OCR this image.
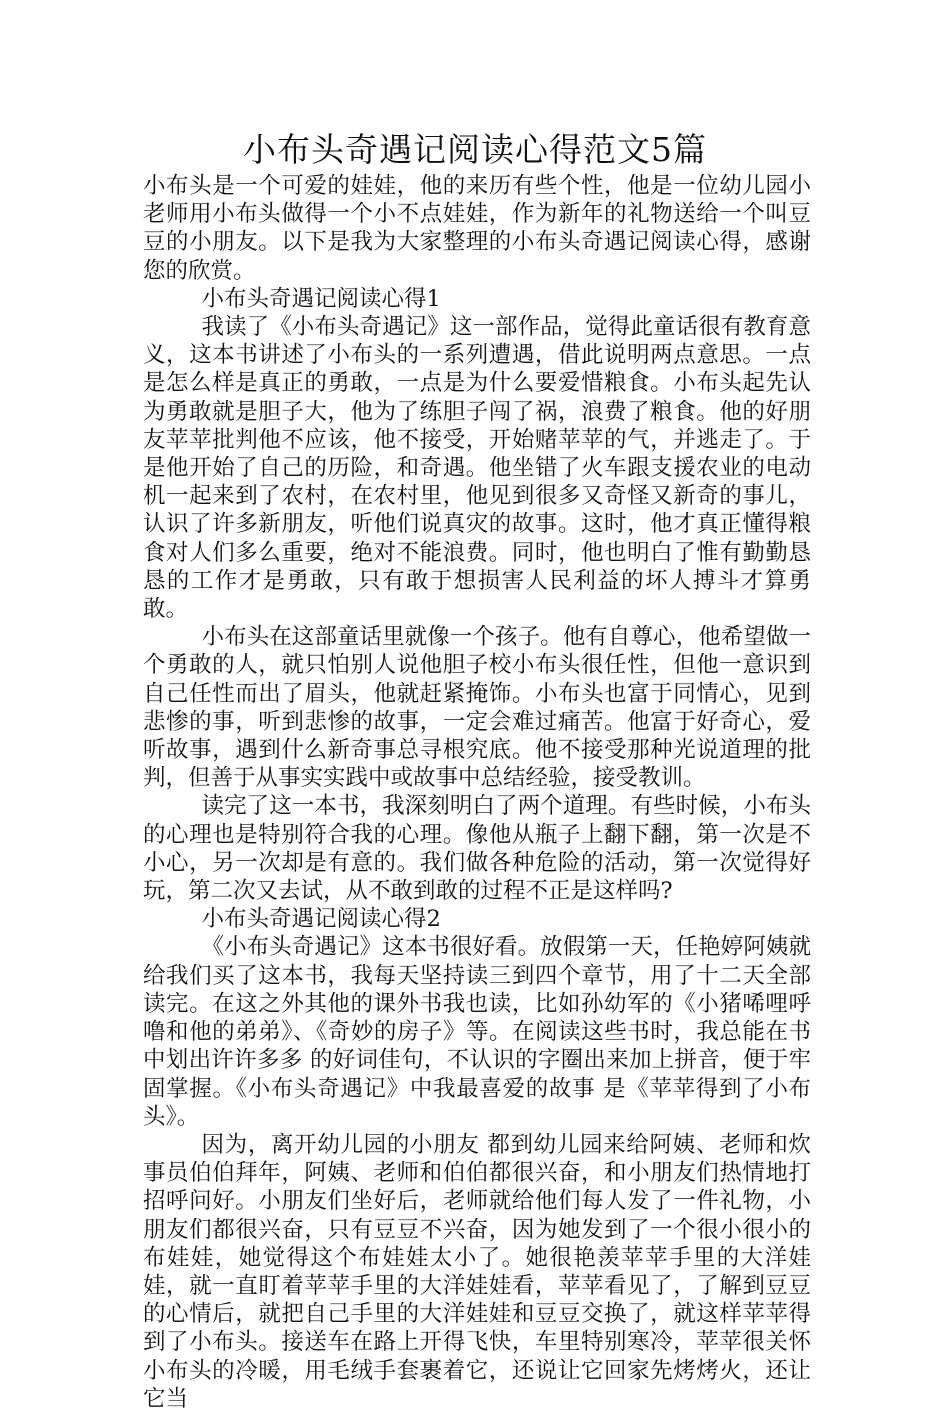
小布头奇遇记阅读心得范文5篇

小布头是一个可爱的娃娃，他的来历有些个性，他是一位幼儿园小老师用小布头做得一个小不点娃娃，作为新年的礼物送给一个叫豆豆的小朋友。以下是我为大家整理的小布头奇遇记阅读心得，感谢您的欣赏。

小布头奇遇记阅读心得1

我读了《小布头奇遇记》这一部作品，觉得此童话很有教育意义，这本书讲述了小布头的一系列遭遇，借此说明两点意思。一点是怎么样是真正的勇敢，一点是为什么要爱惜粮食。小布头起先认为勇敢就是胆子大，他为了练胆子闯了祸，浪费了粮食。他的好朋友苹苹批判他不应该，他不接受，开始赌苹苹的气，并逃走了。于是他开始了自己的历险，和奇遇。他坐错了火车跟支援农业的电动机一起来到了农村，在农村里，他见到很多又奇怪又新奇的事儿，认识了许多新朋友，听他们说真灾的故事。这时，他才真正懂得粮食对人们多么重要，绝对不能浪费。同时，他也明白了惟有勤勤恳恳的工作才是勇敢，只有敢于想损害人民利益的坏人搏斗才算勇敢。

小布头在这部童话里就像一个孩子。他有自尊心，他希望做一个勇敢的人，就只怕别人说他胆子校小布头很任性，但他一意识到自己任性而出了眉头，他就赶紧掩饰。小布头也富于同情心，见到悲惨的事，听到悲惨的故事，一定会难过痛苦。他富于好奇心，爱听故事，遇到什么新奇事总寻根究底。他不接受那种光说道理的批判，但善于从事实实践中或故事中总结经验，接受教训。

读完了这一本书，我深刻明白了两个道理。有些时候，小布头的心理也是特别符合我的心理。像他从瓶子上翻下翻，第一次是不小心，另一次却是有意的。我们做各种危险的活动，第一次觉得好玩，第二次又去试，从不敢到敢的过程不正是这样吗?

小布头奇遇记阅读心得2

《小布头奇遇记》这本书很好看。放假第一天，任艳婷阿姨就给我们买了这本书，我每天坚持读三到四个章节，用了十二天全部读完。在这之外其他的课外书我也读，比如孙幼军的《小猪唏哩呼噜和他的弟弟》、《奇妙的房子》等。在阅读这些书时，我总能在书中划出许许多多 的好词佳句，不认识的字圈出来加上拼音，便于牢固掌握。《小布头奇遇记》中我最喜爱的故事 是《苹苹得到了小布头》。

因为，离开幼儿园的小朋友 都到幼儿园来给阿姨、老师和炊事员伯伯拜年，阿姨、老师和伯伯都很兴奋，和小朋友们热情地打招呼问好。小朋友们坐好后，老师就给他们每人发了一件礼物，小朋友们都很兴奋，只有豆豆不兴奋，因为她发到了一个很小很小的布娃娃，她觉得这个布娃娃太小了。她很艳羡苹苹手里的大洋娃娃，就一直盯着苹苹手里的大洋娃娃看，苹苹看见了，了解到豆豆的心情后，就把自己手里的大洋娃娃和豆豆交换了，就这样苹苹得到了小布头。接送车在路上开得飞快，车里特别寒冷，苹苹很关怀小布头的冷暖，用毛绒手套裹着它，还说让它回家先烤烤火，还让它当
